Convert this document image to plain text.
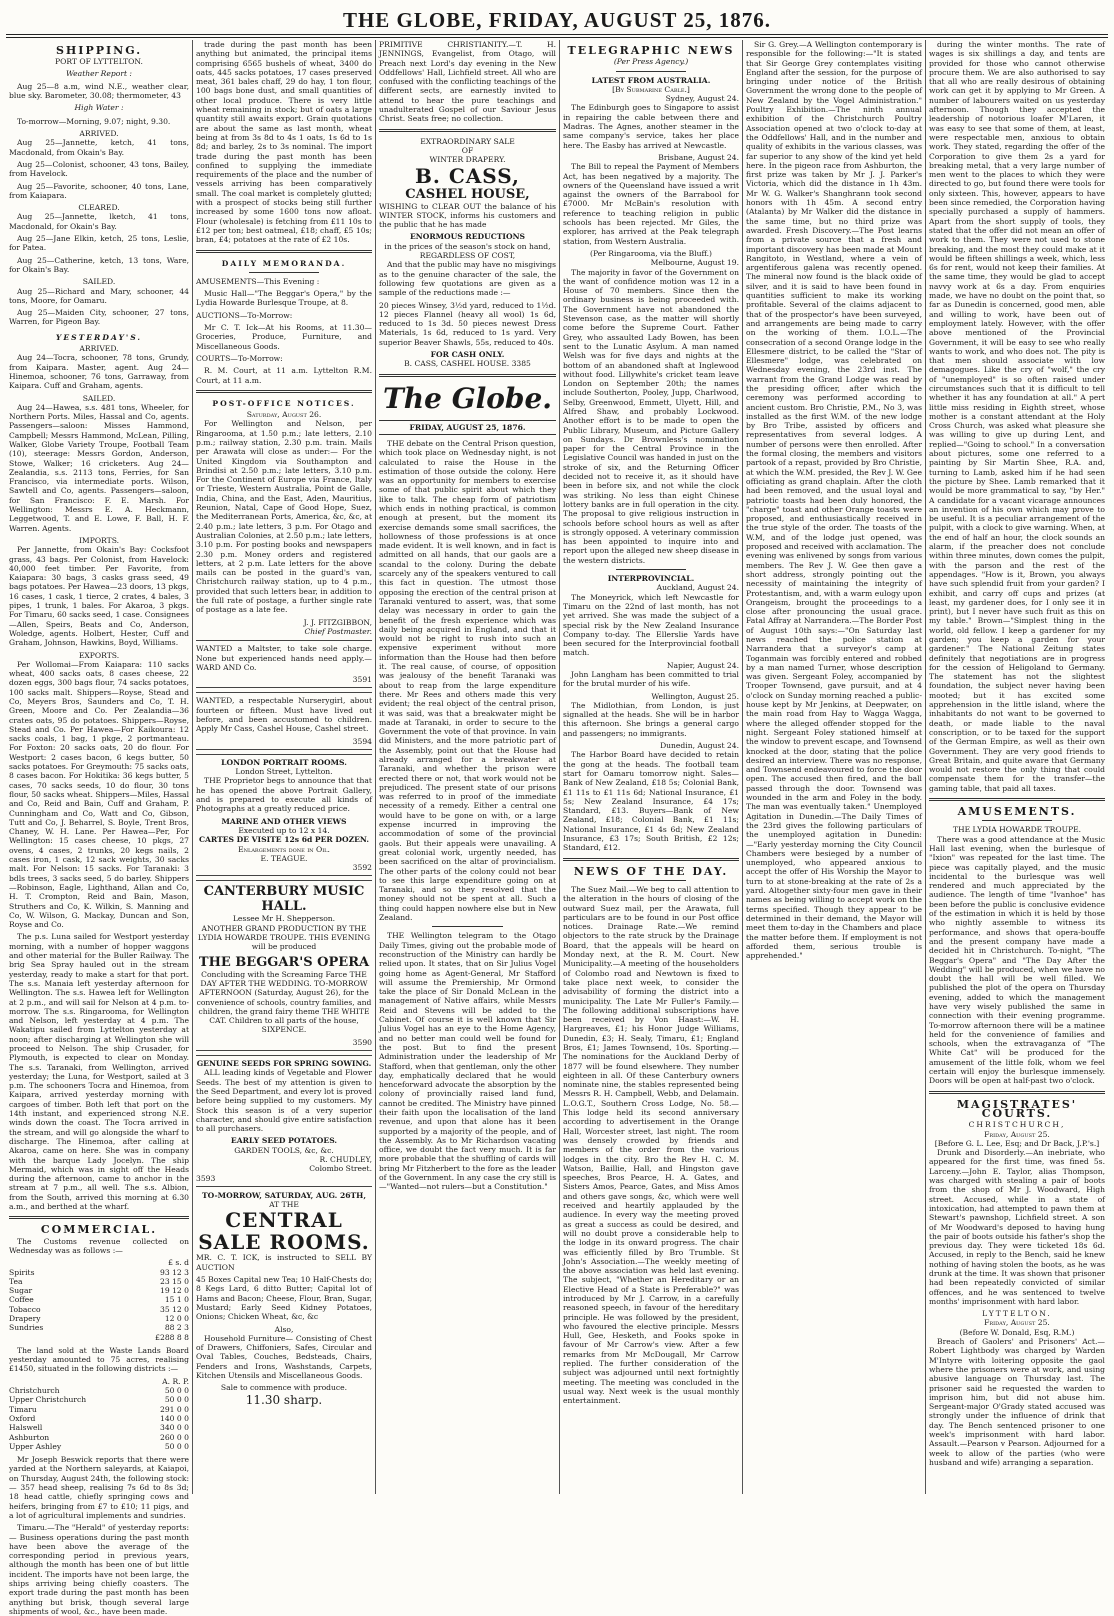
THE GLOBE, FRIDAY, AUGUST 25, 1876.
SHIPPING.
PORT OF LYTTELTON.
Weather Report :

Aug 25—8 a.m, wind N.E., weather clear, blue sky. Barometer, 30.08; thermometer, 43

High Water :

To-morrow—Morning, 9.07; night, 9.30.

ARRIVED.

Aug 25—Jannette, ketch, 41 tons, Macdonald, from Okain's Bay.

Aug 25—Colonist, schooner, 43 tons, Bailey, from Havelock.

Aug 25—Favorite, schooner, 40 tons, Lane, from Kaiapara.

CLEARED.

Aug 25—Jannette, lketch, 41 tons, Macdonald, for Okain's Bay.

Aug 25—Jane Elkin, ketch, 25 tons, Leslie, for Patea.

Aug 25—Catherine, ketch, 13 tons, Ware, for Okain's Bay.

SAILED.

Aug 25—Richard and Mary, schooner, 44 tons, Moore, for Oamaru.

Aug 25—Maiden City, schooner, 27 tons, Warren, for Pigeon Bay.

YESTERDAY'S.
ARRIVED.

Aug 24—Tocra, schooner, 78 tons, Grundy, from Kaipara. Master, agent. Aug 24—Hinemoa, schooner, 76 tons, Garraway, from Kaipara. Cuff and Graham, agents.

SAILED.

Aug 24—Hawea, s.s. 481 tons, Wheeler, for Northern Ports. Miles, Hassal and Co, agents. Passengers—saloon: Misses Hammond, Campbell; Messrs Hammond, McLean, Pilling, Walker, Globe Variety Troupe, Football Team (10), steerage: Messrs Gordon, Anderson, Stowe, Walker; 16 cricketers. Aug 24—Zealandia, s.s. 2113 tons, Ferries, for San Francisco, via intermediate ports. Wilson, Sawtell and Co, agents. Passengers—saloon, for San Francisco: F. E. Marsh. For Wellington: Messrs E. A. Heckmann, Leggetwood, T. and E. Lowe, F. Ball, H. F. Warren. Agents.

IMPORTS.

Per Jannette, from Okain's Bay: Cocksfoot grass, 43 bags. Per Colonist, from Havelock: 40,000 feet timber. Per Favorite, from Kaiapara: 30 bags, 3 casks grass seed, 49 bags potatoes. Per Hawea—23 doors, 13 pkgs, 16 cases, 1 cask, 1 tierce, 2 crates, 4 bales, 3 pipes, 1 trunk, 1 bales. For Akaroa, 3 pkgs. For Timaru, 60 sacks seed, 1 case. Consignees—Allen, Speirs, Beats and Co, Anderson, Woledge, agents. Holbert, Hester, Cuff and Graham, Johnson, Hawkins, Boyd, Williams.

EXPORTS.

Per Wollomai—From Kaiapara: 110 sacks wheat, 400 sacks oats, 8 cases cheese, 22 dozen eggs, 300 bags flour, 74 sacks potatoes, 100 sacks malt. Shippers—Royse, Stead and Co, Meyers Bros, Saunders and Co, T. H. Green, Moore and Co. Per Zealandia—36 crates oats, 95 do potatoes. Shippers—Royse, Stead and Co. Per Hawea—For Kaikoura: 12 sacks coals, 1 bag, 1 pkge, 2 portmanteau. For Foxton: 20 sacks oats, 20 do flour. For Westport: 2 cases bacon, 6 kegs butter, 50 sacks potatoes. For Greymouth: 75 sacks oats, 8 cases bacon. For Hokitika: 36 kegs butter, 5 cases, 70 sacks seeds, 10 do flour, 30 tons flour, 50 sacks wheat. Shippers—Miles, Hassal and Co, Reid and Bain, Cuff and Graham, P. Cunningham and Co, Watt and Co, Gibson, Tutt and Co, J. Beharrel, S. Boyle, Trent Bros, Chaney, W. H. Lane. Per Hawea—Per, For Wellington: 15 cases cheese, 10 pkgs, 27 ovens, 4 cases, 2 trunks, 20 kegs nails, 2 cases iron, 1 cask, 12 sack weights, 30 sacks malt. For Nelson: 15 sacks. For Taranaki: 3 bdls trees, 3 sacks seed, 5 do barley. Shippers—Robinson, Eagle, Lighthand, Allan and Co, H. T. Crompton, Reid and Bain, Mason, Struthers and Co, K. Wilkin, S. Manning and Co, W. Wilson, G. Mackay, Duncan and Son, Royse and Co.

The p.s. Luna sailed for Westport yesterday morning, with a number of hopper waggons and other material for the Buller Railway. The brig Sea Spray hauled out in the stream yesterday, ready to make a start for that port. The s.s. Manaia left yesterday afternoon for Wellington. The s.s. Hawea left for Wellington at 2 p.m., and will sail for Nelson at 4 p.m. to-morrow. The s.s. Ringarooma, for Wellington and Nelson, left yesterday at 4 p.m. The Wakatipu sailed from Lyttelton yesterday at noon; after discharging at Wellington she will proceed to Nelson. The ship Crusader, for Plymouth, is expected to clear on Monday. The s.s. Taranaki, from Wellington, arrived yesterday; the Luna, for Westport, sailed at 3 p.m. The schooners Tocra and Hinemoa, from Kaipara, arrived yesterday morning with cargoes of timber. Both left that port on the 14th instant, and experienced strong N.E. winds down the coast. The Tocra arrived in the stream, and will go alongside the wharf to discharge. The Hinemoa, after calling at Akaroa, came on here. She was in company with the barque Lady Jocelyn. The ship Mermaid, which was in sight off the Heads during the afternoon, came to anchor in the stream at 7 p.m., all well. The s.s. Albion, from the South, arrived this morning at 6.30 a.m., and berthed at the wharf.

COMMERCIAL.

The Customs revenue collected on Wednesday was as follows :—

	£ s. d
Spirits	93 12 3
Tea	23 15 0
Sugar	19 12 0
Coffee	15 1 0
Tobacco	35 12 0
Drapery	12 0 0
Sundries	88 2 3
	£288 8 8

The land sold at the Waste Lands Board yesterday amounted to 75 acres, realising £1450, situated in the following districts :—

	A. R. P.
Christchurch	50 0 0
Upper Christchurch	50 0 0
Timaru	291 0 0
Oxford	140 0 0
Halswell	340 0 0
Ashburton	260 0 0
Upper Ashley	50 0 0

Mr Joseph Beswick reports that there were yarded at the Northern saleyards, at Kaiapoi, on Thursday, August 24th, the following stock:— 357 head sheep, realising 7s 6d to 8s 3d; 18 head cattle, chiefly springing cows and heifers, bringing from £7 to £10; 11 pigs, and a lot of agricultural implements and sundries.

Timaru.—The "Herald" of yesterday reports:— Business operations during the past month have been above the average of the corresponding period in previous years, although the month has been one of but little incident. The imports have not been large, the ships arriving being chiefly coasters. The export trade during the past month has been anything but brisk, though several large shipments of wool, &c., have been made.

trade during the past month has been anything but animated, the principal items comprising 6565 bushels of wheat, 3400 do oats, 445 sacks potatoes, 17 cases preserved meat, 361 bales chaff, 29 do hay, 1 ton flour, 100 bags bone dust, and small quantities of other local produce. There is very little wheat remaining in stock; but of oats a large quantity still awaits export. Grain quotations are about the same as last month, wheat being at from 3s 8d to 4s 1 oats, 1s 6d to 1s 8d; and barley, 2s to 3s nominal. The import trade during the past month has been confined to supplying the immediate requirements of the place and the number of vessels arriving has been comparatively small. The coal market is completely glutted; with a prospect of stocks being still further increased by some 1600 tons now afloat. Flour (wholesale) is fetching from £11 10s to £12 per ton; best oatmeal, £18; chaff, £5 10s; bran, £4; potatoes at the rate of £2 10s.

DAILY MEMORANDA.

AMUSEMENTS—This Evening :

Music Hall—"The Beggar's Opera," by the Lydia Howarde Burlesque Troupe, at 8.

AUCTIONS—To-Morrow:

Mr C. T. Ick—At his Rooms, at 11.30—Groceries, Produce, Furniture, and Miscellaneous Goods.

COURTS—To-Morrow:

R. M. Court, at 11 a.m. Lyttelton R.M. Court, at 11 a.m.

POST-OFFICE NOTICES.
Saturday, August 26.

For Wellington and Nelson, per Ringarooma, at 1.50 p.m.; late letters, 2.10 p.m.; railway station, 2.30 p.m. train. Mails per Arawata will close as under:— For the United Kingdom via Southampton and Brindisi at 2.50 p.m.; late letters, 3.10 p.m. For the Continent of Europe via France, Italy or Trieste, Western Australia, Point de Galle, India, China, and the East, Aden, Mauritius, Reunion, Natal, Cape of Good Hope, Suez, the Mediterranean Ports, America, &c, &c, at 2.40 p.m.; late letters, 3 p.m. For Otago and Australian Colonies, at 2.50 p.m.; late letters, 3.10 p.m. For posting books and newspapers 2.30 p.m. Money orders and registered letters, at 2 p.m. Late letters for the above mails can be posted in the guard's van, Christchurch railway station, up to 4 p.m., provided that such letters bear, in addition to the full rate of postage, a further single rate of postage as a late fee.

J. J. FITZGIBBON,
Chief Postmaster.

WANTED a Maltster, to take sole charge. None but experienced hands need apply.—WARD AND Co.

3591

WANTED, a respectable Nurserygirl, about fourteen or fifteen. Must have lived out before, and been accustomed to children. Apply Mr Cass, Cashel House, Cashel street.

3594
LONDON PORTRAIT ROOMS.
London Street, Lyttelton.

THE Proprietor begs to announce that that he has opened the above Portrait Gallery, and is prepared to execute all kinds of Photographs at a greatly reduced price.

MARINE AND OTHER VIEWS
Executed up to 12 x 14.
CARTES DE VISITE 12s 6d PER DOZEN.
Enlargements done in Oil.
E. TEAGUE.
3592
CANTERBURY MUSIC HALL.
Lessee Mr H. Shepperson.

ANOTHER GRAND PRODUCTION BY THE LYDIA HOWARDE TROUPE. THIS EVENING will be produced

THE BEGGAR'S OPERA

Concluding with the Screaming Farce THE DAY AFTER THE WEDDING. TO-MORROW AFTERNOON (Saturday, August 26), for the convenience of schools, country families, and children, the grand fairy theme THE WHITE CAT. Children to all parts of the house, SIXPENCE.

3590
GENUINE SEEDS FOR SPRING SOWING.

ALL leading kinds of Vegetable and Flower Seeds. The best of my attention is given to the Seed Department, and every lot is proved before being supplied to my customers. My Stock this season is of a very superior character, and should give entire satisfaction to all purchasers.

EARLY SEED POTATOES.
GARDEN TOOLS, &c, &c.
R. CHUDLEY,
Colombo Street.
3593
TO-MORROW, SATURDAY, AUG. 26TH,
AT THE
CENTRAL
SALE ROOMS.

MR. C. T. ICK, is instructed to SELL BY AUCTION

45 Boxes Capital new Tea; 10 Half-Chests do; 8 Kegs Lard, 6 ditto Butter; Capital lot of Hams and Bacon; Cheese, Flour, Bran, Sugar, Mustard; Early Seed Kidney Potatoes, Onions; Chicken Wheat, &c, &c

Also,

Household Furniture— Consisting of Chest of Drawers, Chiffoniers, Safes, Circular and Oval Tables, Couches, Bedsteads, Chairs, Fenders and Irons, Washstands, Carpets, Kitchen Utensils and Miscellaneous Goods.

Sale to commence with produce.
11.30 sharp.

PRIMITIVE CHRISTIANITY.—T. H. JENNINGS, Evangelist, from Otago, will Preach next Lord's day evening in the New Oddfellows' Hall, Lichfield street. All who are confused with the conflicting teachings of the different sects, are earnestly invited to attend to hear the pure teachings and unadulterated Gospel of our Saviour Jesus Christ. Seats free; no collection.

EXTRAORDINARY SALE
OF
WINTER DRAPERY.
B. CASS,
CASHEL HOUSE,

WISHING to CLEAR OUT the balance of his WINTER STOCK, informs his customers and the public that he has made

ENORMOUS REDUCTIONS
in the prices of the season's stock on hand, REGARDLESS OF COST,

And that the public may have no misgivings as to the genuine character of the sale, the following few quotations are given as a sample of the reductions made :—

20 pieces Winsey, 3½d yard, reduced to 1½d. 12 pieces Flannel (heavy all wool) 1s 6d, reduced to 1s 3d. 50 pieces newest Dress Materials, 1s 6d, reduced to 1s yard. Very superior Beaver Shawls, 55s, reduced to 40s.

FOR CASH ONLY.
B. CASS, CASHEL HOUSE. 3385
The Globe.
FRIDAY, AUGUST 25, 1876.

THE debate on the Central Prison question, which took place on Wednesday night, is not calculated to raise the House in the estimation of those outside the colony. Here was an opportunity for members to exercise some of that public spirit about which they like to talk. The cheap form of patriotism which ends in nothing practical, is common enough at present, but the moment its exercise demands some small sacrifices, the hollowness of those professions is at once made evident. It is well known, and in fact is admitted on all hands, that our gaols are a scandal to the colony. During the debate scarcely any of the speakers ventured to call this fact in question. The utmost those opposing the erection of the central prison at Taranaki ventured to assert, was, that some delay was necessary in order to gain the benefit of the fresh experience which was daily being acquired in England, and that it would not be right to rush into such an expensive experiment without more information than the House had then before it. The real cause, of course, of opposition was jealousy of the benefit Taranaki was about to reap from the large expenditure there. Mr Rees and others made this very evident; the real object of the central prison, it was said, was that a breakwater might be made at Taranaki, in order to secure to the Government the vote of that province. In vain did Ministers, and the more patriotic part of the Assembly, point out that the House had already arranged for a breakwater at Taranaki, and whether the prison were erected there or not, that work would not be prejudiced. The present state of our prisons was referred to in proof of the immediate necessity of a remedy. Either a central one would have to be gone on with, or a large expense incurred in improving the accommodation of some of the provincial gaols. But their appeals were unavailing. A great colonial work, urgently needed, has been sacrificed on the altar of provincialism. The other parts of the colony could not bear to see this large expenditure going on at Taranaki, and so they resolved that the money should not be spent at all. Such a thing could happen nowhere else but in New Zealand.

THE Wellington telegram to the Otago Daily Times, giving out the probable mode of reconstruction of the Ministry can hardly be relied upon. It states, that on Sir Julius Vogel going home as Agent-General, Mr Stafford will assume the Premiership, Mr Ormond take the place of Sir Donald McLean in the management of Native affairs, while Messrs Reid and Stevens will be added to the Cabinet. Of course it is well known that Sir Julius Vogel has an eye to the Home Agency, and no better man could well be found for the post. But to find the present Administration under the leadership of Mr Stafford, when that gentleman, only the other day, emphatically declared that he would henceforward advocate the absorption by the colony of provincially raised land fund, cannot be credited. The Ministry have pinned their faith upon the localisation of the land revenue, and upon that alone has it been supported by a majority of the people, and of the Assembly. As to Mr Richardson vacating office, we doubt the fact very much. It is far more probable that the shuffling of cards will bring Mr Fitzherbert to the fore as the leader of the Government. In any case the cry still is—"Wanted—not rulers—but a Constitution."

TELEGRAPHIC NEWS
(Per Press Agency.)
LATEST FROM AUSTRALIA.
[By Submarine Cable.]
Sydney, August 24.

The Edinburgh goes to Singapore to assist in repairing the cable between there and Madras. The Agnes, another steamer in the same company's service, takes her place here. The Easby has arrived at Newcastle.

Brisbane, August 24.

The Bill to repeal the Payment of Members Act, has been negatived by a majority. The owners of the Queensland have issued a writ against the owners of the Barrabool for £7000. Mr McBain's resolution with reference to teaching religion in public schools has been rejected. Mr Giles, the explorer, has arrived at the Peak telegraph station, from Western Australia.

(Per Ringarooma, via the Bluff.)
Melbourne, August 19.

The majority in favor of the Government on the want of confidence motion was 12 in a House of 70 members. Since then the ordinary business is being proceeded with. The Government have not abandoned the Stevenson case, as the matter will shortly come before the Supreme Court. Father Grey, who assaulted Lady Bowen, has been sent to the Lunatic Asylum. A man named Welsh was for five days and nights at the bottom of an abandoned shaft at Inglewood without food. Lillywhite's cricket team leave London on September 20th; the names include Southerton, Pooley, Jupp, Charlwood, Selby, Greenwood, Emmett, Ulyett, Hill, and Alfred Shaw, and probably Lockwood. Another effort is to be made to open the Public Library, Museum, and Picture Gallery on Sundays. Dr Brownless's nomination paper for the Central Province in the Legislative Council was handed in just on the stroke of six, and the Returning Officer decided not to receive it, as it should have been in before six, and not while the clock was striking. No less than eight Chinese lottery banks are in full operation in the city. The proposal to give religious instruction in schools before school hours as well as after is strongly opposed. A veterinary commission has been appointed to inquire into and report upon the alleged new sheep disease in the western districts.

INTERPROVINCIAL.
Auckland, August 24.

The Moneyrick, which left Newcastle for Timaru on the 22nd of last month, has not yet arrived. She was made the subject of a special risk by the New Zealand Insurance Company to-day. The Ellerslie Yards have been secured for the Interprovincial football match.

Napier, August 24.

John Langham has been committed to trial for the brutal murder of his wife.

Wellington, August 25.

The Midlothian, from London, is just signalled at the heads. She will be in harbor this afternoon. She brings a general cargo and passengers; no immigrants.

Dunedin, August 24.

The Harbor Board have decided to retain the gong at the heads. The football team start for Oamaru tomorrow night. Sales—Bank of New Zealand, £18 5s; Colonial Bank, £1 11s to £1 11s 6d; National Insurance, £1 5s; New Zealand Insurance, £4 17s; Standard, £13. Buyers—Bank of New Zealand, £18; Colonial Bank, £1 11s; National Insurance, £1 4s 6d; New Zealand Insurance, £3 17s; South British, £2 12s; Standard, £12.

NEWS OF THE DAY.

The Suez Mail.—We beg to call attention to the alteration in the hours of closing of the outward Suez mail, per the Arawata, full particulars are to be found in our Post office notices. Drainage Rate.—We remind objectors to the rate struck by the Drainage Board, that the appeals will be heard on Monday next, at the R. M. Court. New Municipality.—A meeting of the householders of Colombo road and Newtown is fixed to take place next week, to consider the advisability of forming the district into a municipality. The Late Mr Fuller's Family.—The following additional subscriptions have been received by Von Haast:—W. H. Hargreaves, £1; his Honor Judge Williams, Dunedin, £3; H. Sealy, Timaru, £1; England Bros, £1; James Townsend, 10s. Sporting.—The nominations for the Auckland Derby of 1877 will be found elsewhere. They number eighteen in all. Of these Canterbury owners nominate nine, the stables represented being Messrs R. H. Campbell, Webb, and Delamain. L.O.G.T., Southern Cross Lodge, No. 58.—This lodge held its second anniversary according to advertisement in the Orange Hall, Worcester street, last night. The room was densely crowded by friends and members of the order from the various lodges in the city. Bro the Rev H. C. M. Watson, Baillie, Hall, and Hingston gave speeches, Bros Pearce, H. A. Gates, and Sisters Amos, Pearce, Gates, and Miss Amos and others gave songs, &c, which were well received and heartily applauded by the audience. In every way the meeting proved as great a success as could be desired, and will no doubt prove a considerable help to the lodge in its onward progress. The chair was efficiently filled by Bro Trumble. St John's Association.—The weekly meeting of the above association was held last evening. The subject, "Whether an Hereditary or an Elective Head of a State is Preferable?" was introduced by Mr J. Carrow, in a carefully reasoned speech, in favour of the hereditary principle. He was followed by the president, who favoured the elective principle. Messrs Hull, Gee, Hesketh, and Fooks spoke in favour of Mr Carrow's view. After a few remarks from Mr McDougall, Mr Carrow replied. The further consideration of the subject was adjourned until next fortnightly meeting. The meeting was concluded in the usual way. Next week is the usual monthly entertainment.

Sir G. Grey.—A Wellington contemporary is responsible for the following:—"It is stated that Sir George Grey contemplates visiting England after the session, for the purpose of bringing under notice of the British Government the wrong done to the people of New Zealand by the Vogel Administration." Poultry Exhibition.—The ninth annual exhibition of the Christchurch Poultry Association opened at two o'clock to-day at the Oddfellows' Hall, and in the number and quality of exhibits in the various classes, was far superior to any show of the kind yet held here. In the pigeon race from Ashburton, the first prize was taken by Mr J. J. Parker's Victoria, which did the distance in 1h 43m. Mr W. G. Walker's Shanghrann took second honors with 1h 45m. A second entry (Atalanta) by Mr Walker did the distance in the same time, but no third prize was awarded. Fresh Discovery.—The Post learns from a private source that a fresh and important discovery has been made at Mount Rangitoto, in Westland, where a vein of argentiferous galena was recently opened. The mineral now found is the black oxide of silver, and it is said to have been found in quantities sufficient to make its working profitable. Several of the claims adjacent to that of the prospector's have been surveyed, and arrangements are being made to carry on the working of them. I.O.L.—The consecration of a second Orange lodge in the Ellesmere district, to be called the "Star of Ellesmere" lodge, was celebrated on Wednesday evening, the 23rd inst. The warrant from the Grand Lodge was read by the presiding officer, after which the ceremony was performed according to ancient custom. Bro Christie, P.M., No 3, was installed as the first W.M. of the new lodge by Bro Tribe, assisted by officers and representatives from several lodges. A number of persons were then enrolled. After the formal closing, the members and visitors partook of a repast, provided by Bro Christie, at which the W.M. presided, the Rev J. W. Gee officiating as grand chaplain. After the cloth had been removed, and the usual loyal and patriotic toasts had been duly honored, the "charge" toast and other Orange toasts were proposed, and enthusiastically received in the true style of the order. The toasts of the W.M, and of the lodge just opened, was proposed and received with acclamation. The evening was enlivened by songs from various members. The Rev J. W. Gee then gave a short address, strongly pointing out the necessity of maintaining the integrity of Protestantism, and, with a warm eulogy upon Orangeism, brought the proceedings to a close after pronouncing the usual grace. Fatal Affray at Narrandera.—The Border Post of August 10th says:—"On Saturday last news reached the police station at Narrandera that a surveyor's camp at Toganmain was forcibly entered and robbed by a man named Turner, whose description was given. Sergeant Foley, accompanied by Trooper Townsend, gave pursuit, and at 4 o'clock on Sunday morning reached a public-house kept by Mr Jenkins, at Deepwater, on the main road from Hay to Wagga Wagga, where the alleged offender stopped for the night. Sergeant Foley stationed himself at the window to prevent escape, and Townsend knocked at the door, stating that the police desired an interview. There was no response, and Townsend endeavoured to force the door open. The accused then fired, and the ball passed through the door. Townsend was wounded in the arm and Foley in the body. The man was eventually taken." Unemployed Agitation in Dunedin.—The Daily Times of the 23rd gives the following particulars of the unemployed agitation in Dunedin:—"Early yesterday morning the City Council Chambers were besieged by a number of unemployed, who appeared anxious to accept the offer of His Worship the Mayor to turn to at stone-breaking at the rate of 2s a yard. Altogether sixty-four men gave in their names as being willing to accept work on the terms specified. Though they appear to be determined in their demand, the Mayor will meet them to-day in the Chambers and place the matter before them. If employment is not afforded them, serious trouble is apprehended."

during the winter months. The rate of wages is six shillings a day, and tents are provided for those who cannot otherwise procure them. We are also authorised to say that all who are really desirous of obtaining work can get it by applying to Mr Green. A number of labourers waited on us yesterday afternoon. Though they accepted the leadership of notorious loafer M'Laren, it was easy to see that some of them, at least, were respectable men, anxious to obtain work. They stated, regarding the offer of the Corporation to give them 2s a yard for breaking metal, that a very large number of men went to the places to which they were directed to go, but found there were tools for only sixteen. This, however, appears to have been since remedied, the Corporation having specially purchased a supply of hammers. Apart from the short supply of tools, they stated that the offer did not mean an offer of work to them. They were not used to stone breaking, and the most they could make at it would be fifteen shillings a week, which, less 6s for rent, would not keep their families. At the same time, they would be glad to accept navvy work at 6s a day. From enquiries made, we have no doubt on the point that, so far as Dunedin is concerned, good men, able and willing to work, have been out of employment lately. However, with the offer above mentioned of the Provincial Government, it will be easy to see who really wants to work, and who does not. The pity is that men should associate with low demagogues. Like the cry of "wolf," the cry of "unemployed" is so often raised under circumstances such that it is difficult to tell whether it has any foundation at all." A pert little miss residing in Eighth street, whose mother is a constant attendant at the Holy Cross Church, was asked what pleasure she was willing to give up during Lent, and replied—"Going to school." In a conversation about pictures, some one referred to a painting by Sir Martin Shee, R.A. and, turning to Lamb, asked him if he had seen the picture by Shee. Lamb remarked that it would be more grammatical to say, "by Her." A candidate for a vacant vicarage announces an invention of his own which may prove to be useful. It is a peculiar arrangement of the pulpit, with a clock to give warning. When, at the end of half an hour, the clock sounds an alarm, if the preacher does not conclude within three minutes, down comes the pulpit, with the parson and the rest of the appendages. "How is it, Brown, you always have such splendid fruit from your garden? I exhibit, and carry off cups and prizes (at least, my gardener does, for I only see it in print), but I never have such fruit as this on my table." Brown—"Simplest thing in the world, old fellow. I keep a gardener for my garden; you keep a garden for your gardener." The National Zeitung states definitely that negotiations are in progress for the cession of Heligoland to Germany. The statement has not the slightest foundation, the subject never having been mooted; but it has excited some apprehension in the little island, where the inhabitants do not want to be governed to death, or made liable to the naval conscription, or to be taxed for the support of the German Empire, as well as their own Government. They are very good friends to Great Britain, and quite aware that Germany would not restore the only thing that could compensate them for the transfer—the gaming table, that paid all taxes.

AMUSEMENTS.
THE LYDIA HOWARDE TROUPE.

There was a good attendance at the Music Hall last evening, when the burlesque of "Ixion" was repeated for the last time. The piece was capitally played, and the music incidental to the burlesque was well rendered and much appreciated by the audience. The length of time "Ivanhoe" has been before the public is conclusive evidence of the estimation in which it is held by those who nightly assemble to witness its performance, and shows that opera-bouffe and the present company have made a decided hit in Christchurch. To-night, "The Beggar's Opera" and "The Day After the Wedding" will be produced, when we have no doubt the hall will be well filled. We published the plot of the opera on Thursday evening, added to which the management have very wisely published the same in connection with their evening programme. To-morrow afternoon there will be a matinee held for the convenience of families and schools, when the extravaganza of "The White Cat" will be produced for the amusement of the little folk, whom we feel certain will enjoy the burlesque immensely. Doors will be open at half-past two o'clock.

MAGISTRATES' COURTS.
CHRISTCHURCH,
Friday, August 25.
[Before G. L. Lee, Esq; and Dr Back, J.P.'s.]

Drunk and Disorderly.—An inebriate, who appeared for the first time, was fined 5s. Larceny.—John E. Taylor, alias Thompson, was charged with stealing a pair of boots from the shop of Mr J. Woodward, High street. Accused, while in a state of intoxication, had attempted to pawn them at Stewart's pawnshop, Lichfield street. A son of Mr Woodward's deposed to having hung the pair of boots outside his father's shop the previous day. They were ticketed 18s 6d. Accused, in reply to the Bench, said he knew nothing of having stolen the boots, as he was drunk at the time. It was shown that prisoner had been repeatedly convicted of similar offences, and he was sentenced to twelve months' imprisonment with hard labor.

LYTTELTON.
Friday, August 25.
(Before W. Donald, Esq, R.M.)

Breach of Gaolers' and Prisoners' Act.—Robert Lightbody was charged by Warden M'Intyre with loitering opposite the gaol where the prisoners were at work, and using abusive language on Thursday last. The prisoner said he requested the warden to imprison him, but did not abuse him. Sergeant-major O'Grady stated accused was strongly under the influence of drink that day. The Bench sentenced prisoner to one week's imprisonment with hard labor. Assault.—Pearson v Pearson. Adjourned for a week to allow of the parties (who were husband and wife) arranging a separation.
